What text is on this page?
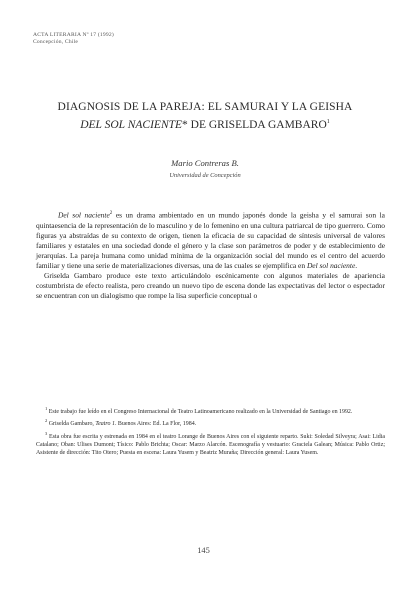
ACTA LITERARIA Nº 17 (1992)
Concepción, Chile
DIAGNOSIS DE LA PAREJA: EL SAMURAI Y LA GEISHA
DEL SOL NACIENTE* DE GRISELDA GAMBARO$^1$
Mario Contreras B.
Universidad de Concepción

Del sol naciente$^2$ es un drama ambientado en un mundo japonés donde la geisha y el samurai son la quintaesencia de la representación de lo masculino y de lo femenino en una cultura patriarcal de tipo guerrero. Como figuras ya abstraídas de su contexto de origen, tienen la eficacia de su capacidad de síntesis universal de valores familiares y estatales en una sociedad donde el género y la clase son parámetros de poder y de establecimiento de jerarquías. La pareja humana como unidad mínima de la organización social del mundo es el centro del acuerdo familiar y tiene una serie de materializaciones diversas, una de las cuales se ejemplifica en Del sol naciente.

Griselda Gambaro produce este texto articulándolo escénicamente con algunos materiales de apariencia costumbrista de efecto realista, pero creando un nuevo tipo de escena donde las expectativas del lector o espectador se encuentran con un dialogismo que rompe la lisa superficie conceptual o

$^1$ Este trabajo fue leído en el Congreso Internacional de Teatro Latinoamericano realizado en la Universidad de Santiago en 1992.

$^2$ Griselda Gambaro, Teatro 1. Buenos Aires: Ed. La Flor, 1984.

$^3$ Esta obra fue escrita y estrenada en 1984 en el teatro Lorange de Buenos Aires con el siguiente reparto. Suki: Soledad Silveyra; Asai: Lidia Catalano; Oban: Ulises Dumont; Tísico: Pablo Brichta; Oscar: Marzo Alarcón. Escenografía y vestuario: Graciela Galean; Música: Pablo Ortiz; Asistente de dirección: Tito Otero; Puesta en escena: Laura Yusem y Beatriz Muraña; Dirección general: Laura Yusem.

145
